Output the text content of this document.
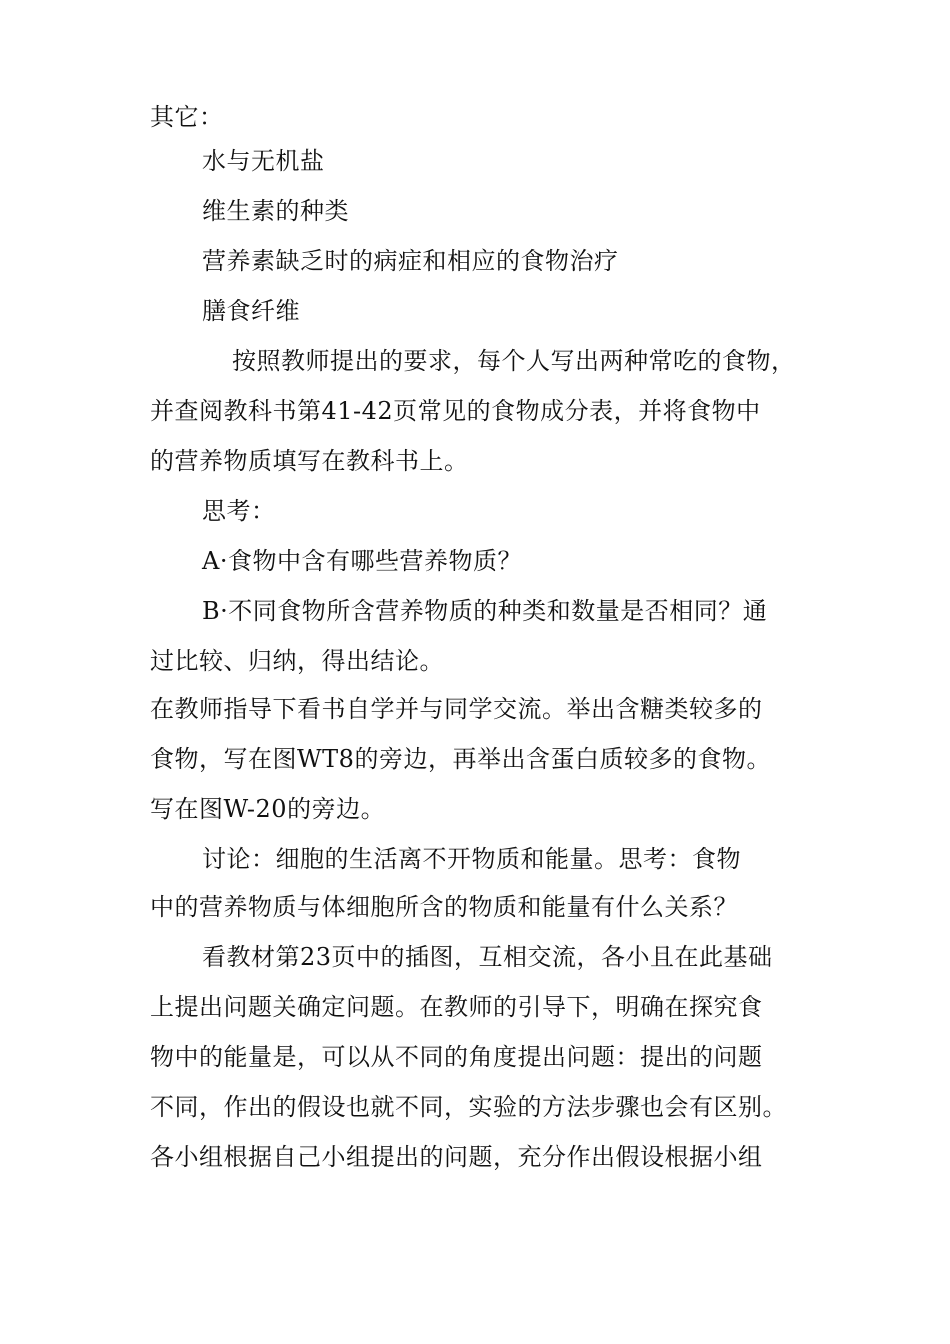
其它：
水与无机盐
维生素的种类
营养素缺乏时的病症和相应的食物治疗
膳食纤维
按照教师提出的要求，每个人写出两种常吃的食物，
并查阅教科书第41-42页常见的食物成分表，并将食物中
的营养物质填写在教科书上。
思考：
A·食物中含有哪些营养物质？
B·不同食物所含营养物质的种类和数量是否相同？通
过比较、归纳，得出结论。
在教师指导下看书自学并与同学交流。举出含糖类较多的
食物，写在图WT8的旁边，再举出含蛋白质较多的食物。
写在图W-20的旁边。
讨论：细胞的生活离不开物质和能量。思考：食物
中的营养物质与体细胞所含的物质和能量有什么关系？
看教材第23页中的插图，互相交流，各小且在此基础
上提出问题关确定问题。在教师的引导下，明确在探究食
物中的能量是，可以从不同的角度提出问题：提出的问题
不同，作出的假设也就不同，实验的方法步骤也会有区别。
各小组根据自己小组提出的问题，充分作出假设根据小组
